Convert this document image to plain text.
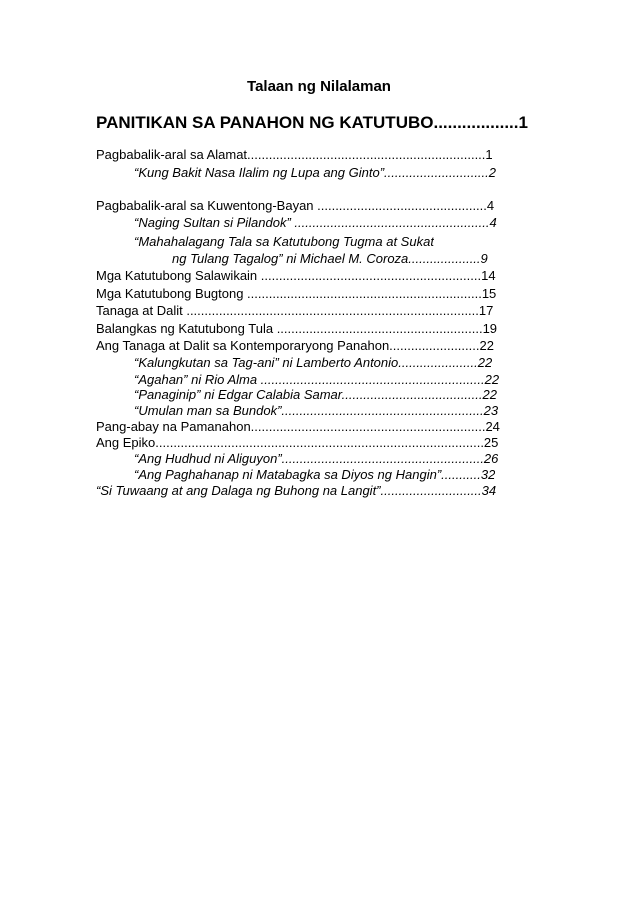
Talaan ng Nilalaman
PANITIKAN SA PANAHON NG KATUTUBO..................1
Pagbabalik-aral sa Alamat..................................................................1
“Kung Bakit Nasa Ilalim ng Lupa ang Ginto”.............................2
Pagbabalik-aral sa Kuwentong-Bayan ...............................................4
“Naging Sultan si Pilandok” ......................................................4
“Mahahalagang Tala sa Katutubong Tugma at Sukat
ng Tulang Tagalog” ni Michael M. Coroza....................9
Mga Katutubong Salawikain .............................................................14
Mga Katutubong Bugtong .................................................................15
Tanaga at Dalit .................................................................................17
Balangkas ng Katutubong Tula .........................................................19
Ang Tanaga at Dalit sa Kontemporaryong Panahon.........................22
“Kalungkutan sa Tag-ani” ni Lamberto Antonio......................22
“Agahan” ni Rio Alma ..............................................................22
“Panaginip” ni Edgar Calabia Samar.......................................22
“Umulan man sa Bundok”........................................................23
Pang-abay na Pamanahon.................................................................24
Ang Epiko...........................................................................................25
“Ang Hudhud ni Aliguyon”........................................................26
“Ang Paghahanap ni Matabagka sa Diyos ng Hangin”...........32
“Si Tuwaang at ang Dalaga ng Buhong na Langit”............................34
